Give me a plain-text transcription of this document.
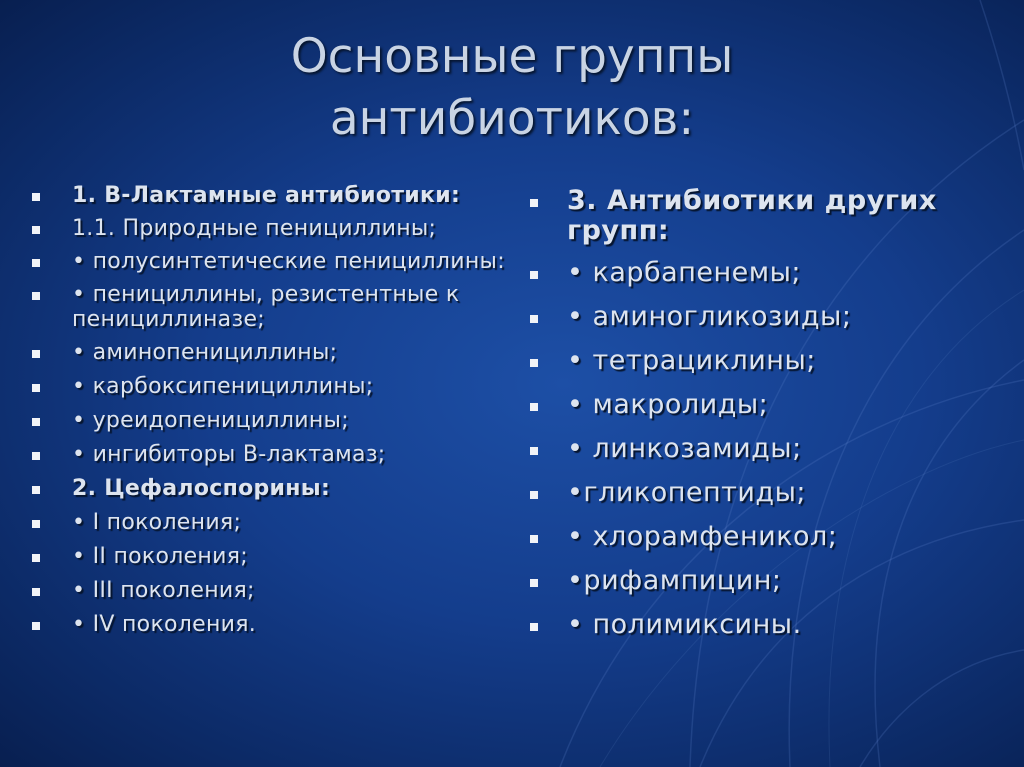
Основные группы
антибиотиков:
1. В-Лактамные антибиотики:
1.1. Природные пенициллины;
• полусинтетические пенициллины:
• пенициллины, резистентные к пенициллиназе;
• аминопенициллины;
• карбоксипенициллины;
• уреидопенициллины;
• ингибиторы В-лактамаз;
2. Цефалоспорины:
• I поколения;
• II поколения;
• III поколения;
• IV поколения.
3. Антибиотики других групп:
• карбапенемы;
• аминогликозиды;
• тетрациклины;
• макролиды;
• линкозамиды;
•гликопептиды;
• хлорамфеникол;
•рифампицин;
• полимиксины.
